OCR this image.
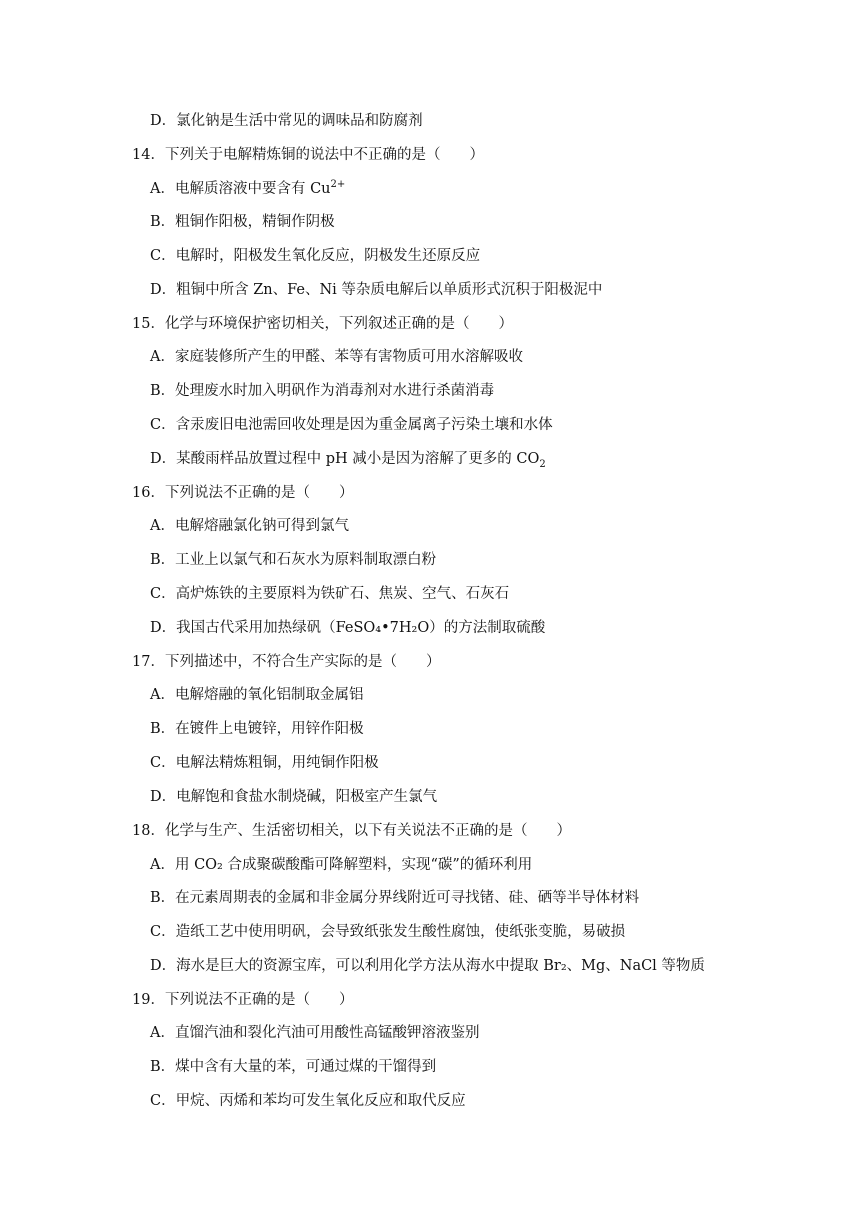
D．氯化钠是生活中常见的调味品和防腐剂
14．下列关于电解精炼铜的说法中不正确的是（　　）
A．电解质溶液中要含有 $Cu^{2+}$
B．粗铜作阳极，精铜作阴极
C．电解时，阳极发生氧化反应，阴极发生还原反应
D．粗铜中所含 Zn、Fe、Ni 等杂质电解后以单质形式沉积于阳极泥中
15．化学与环境保护密切相关，下列叙述正确的是（　　）
A．家庭装修所产生的甲醛、苯等有害物质可用水溶解吸收
B．处理废水时加入明矾作为消毒剂对水进行杀菌消毒
C．含汞废旧电池需回收处理是因为重金属离子污染土壤和水体
D．某酸雨样品放置过程中 pH 减小是因为溶解了更多的 $CO_2$
16．下列说法不正确的是（　　）
A．电解熔融氯化钠可得到氯气
B．工业上以氯气和石灰水为原料制取漂白粉
C．高炉炼铁的主要原料为铁矿石、焦炭、空气、石灰石
D．我国古代采用加热绿矾（FeSO₄•7H₂O）的方法制取硫酸
17．下列描述中，不符合生产实际的是（　　）
A．电解熔融的氧化铝制取金属铝
B．在镀件上电镀锌，用锌作阳极
C．电解法精炼粗铜，用纯铜作阳极
D．电解饱和食盐水制烧碱，阳极室产生氯气
18．化学与生产、生活密切相关，以下有关说法不正确的是（　　）
A．用 CO₂ 合成聚碳酸酯可降解塑料，实现“碳”的循环利用
B．在元素周期表的金属和非金属分界线附近可寻找锗、硅、硒等半导体材料
C．造纸工艺中使用明矾，会导致纸张发生酸性腐蚀，使纸张变脆，易破损
D．海水是巨大的资源宝库，可以利用化学方法从海水中提取 Br₂、Mg、NaCl 等物质
19．下列说法不正确的是（　　）
A．直馏汽油和裂化汽油可用酸性高锰酸钾溶液鉴别
B．煤中含有大量的苯，可通过煤的干馏得到
C．甲烷、丙烯和苯均可发生氧化反应和取代反应
